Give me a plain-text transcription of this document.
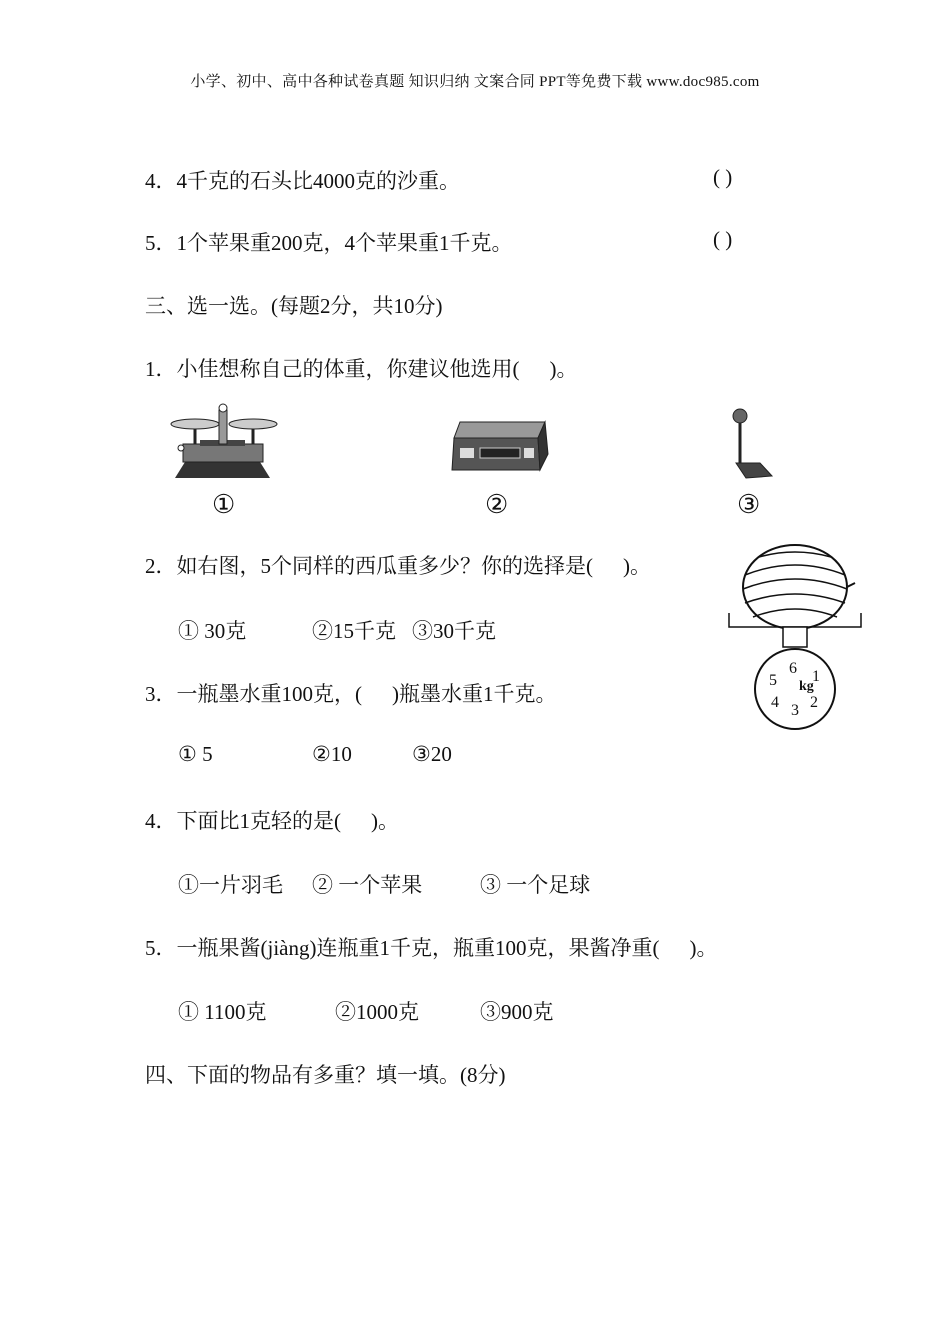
小学、初中、高中各种试卷真题 知识归纳 文案合同 PPT等免费下载 www.doc985.com
4．4千克的石头比4000克的沙重。	( )
5．1个苹果重200克，4个苹果重1千克。	( )
三、选一选。(每题2分，共10分)
1．小佳想称自己的体重，你建议他选用( )。
①	②	③
2．如右图，5个同样的西瓜重多少？你的选择是( )。
① 30克	②15千克 ③30千克
6 1
2
3
4
5 kg
3．一瓶墨水重100克，( )瓶墨水重1千克。
① 5	②10	③20
4．下面比1克轻的是( )。
①一片羽毛 ② 一个苹果	③ 一个足球
5．一瓶果酱(jiàng)连瓶重1千克，瓶重100克，果酱净重( )。
① 1100克	②1000克	③900克
四、下面的物品有多重？填一填。(8分)
